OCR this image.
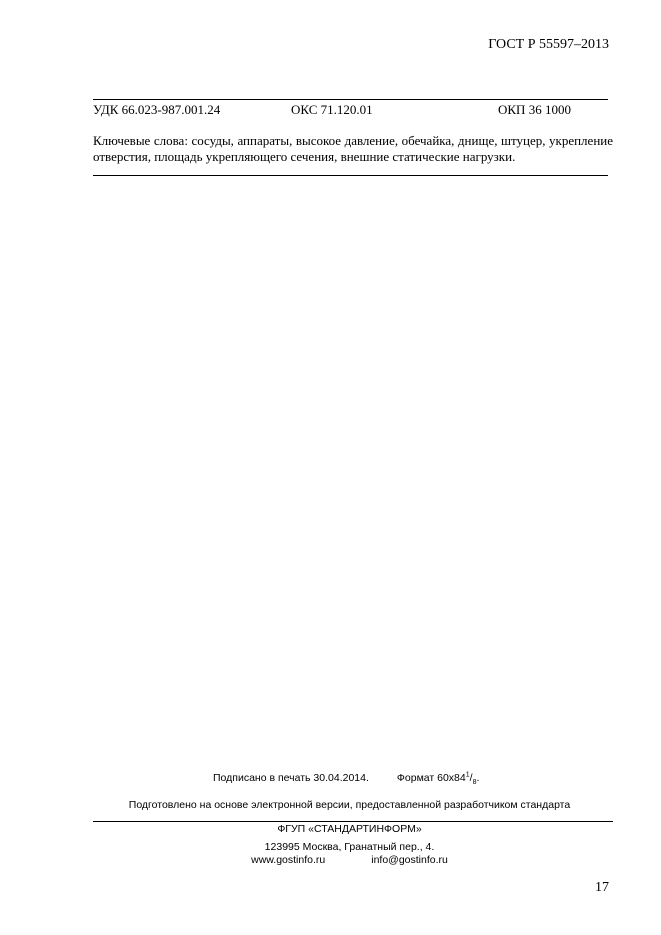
ГОСТ Р 55597–2013
УДК 66.023-987.001.24	ОКС 71.120.01	ОКП 36 1000
Ключевые слова: сосуды, аппараты, высокое давление, обечайка, днище, штуцер, укрепление отверстия, площадь укрепляющего сечения, внешние статические нагрузки.
Подписано в печать 30.04.2014.	Формат $60x84^1/_8$.
Подготовлено на основе электронной версии, предоставленной разработчиком стандарта
ФГУП «СТАНДАРТИНФОРМ»
123995 Москва, Гранатный пер., 4.
www.gostinfo.ru	info@gostinfo.ru
17
